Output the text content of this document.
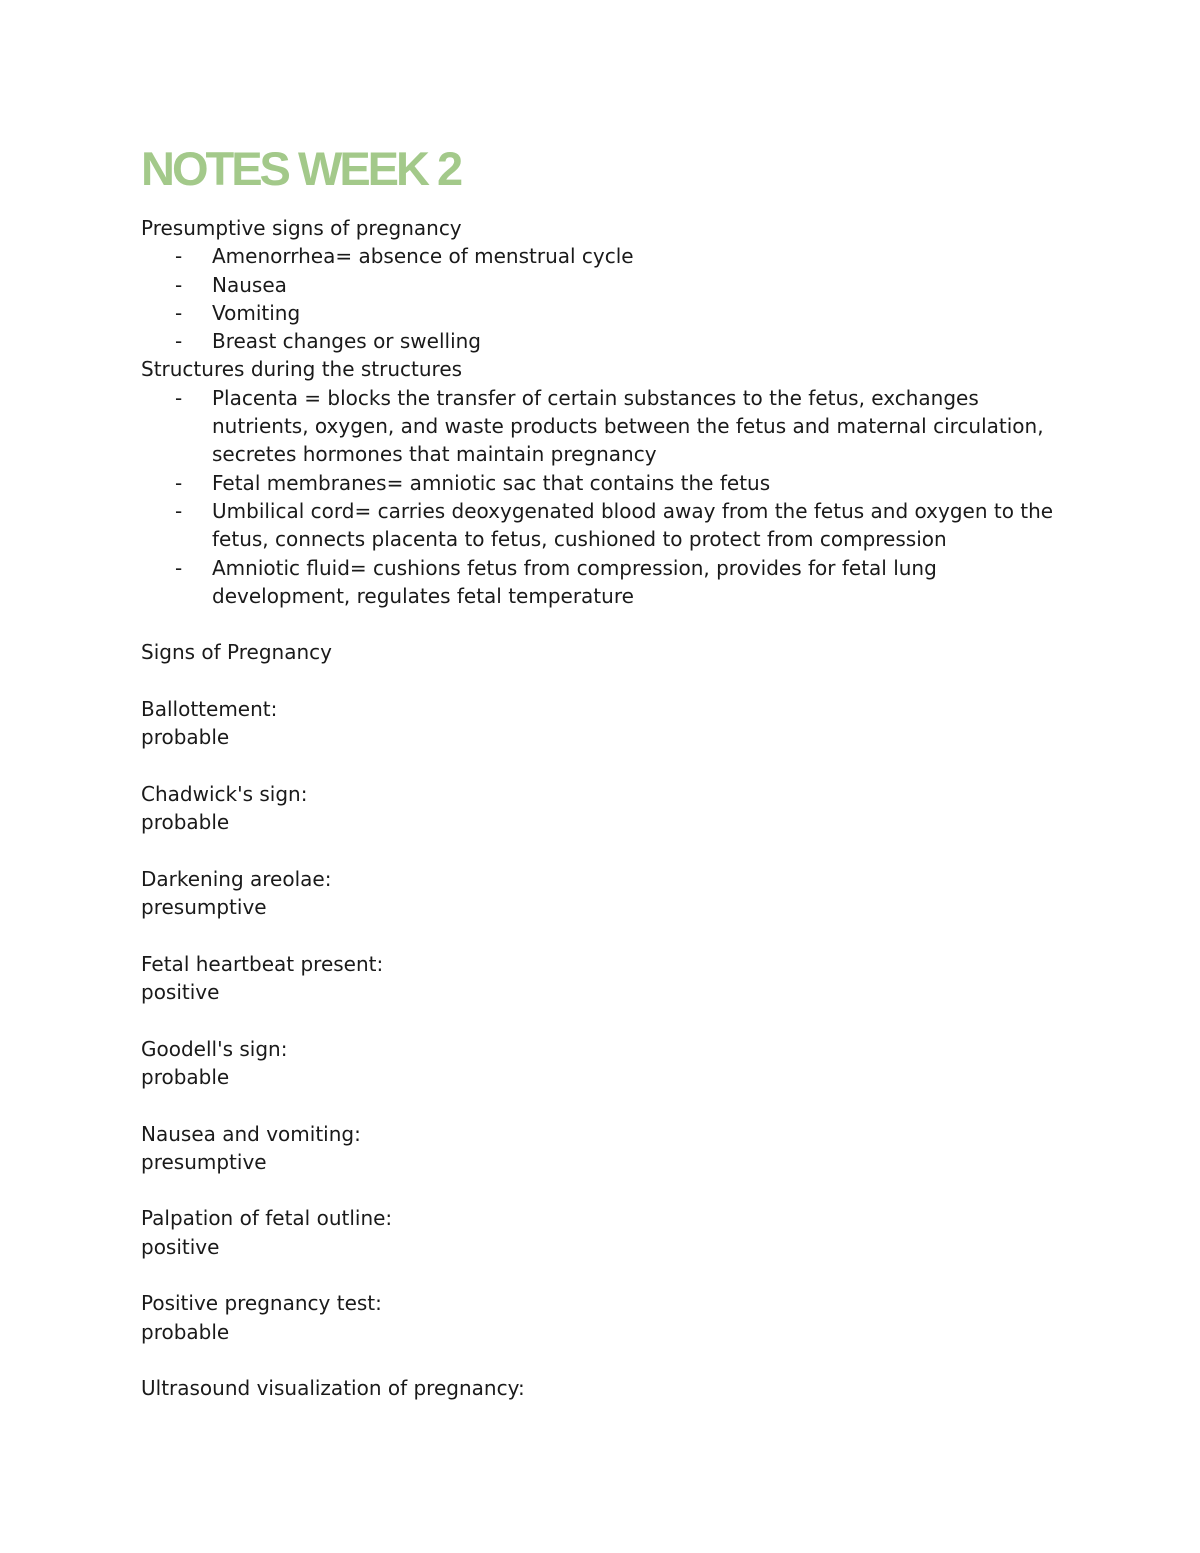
NOTES WEEK 2

Presumptive signs of pregnancy

- Amenorrhea= absence of menstrual cycle
- Nausea
- Vomiting
- Breast changes or swelling

Structures during the structures

- Placenta = blocks the transfer of certain substances to the fetus, exchanges nutrients, oxygen, and waste products between the fetus and maternal circulation, secretes hormones that maintain pregnancy
- Fetal membranes= amniotic sac that contains the fetus
- Umbilical cord= carries deoxygenated blood away from the fetus and oxygen to the fetus, connects placenta to fetus, cushioned to protect from compression
- Amniotic fluid= cushions fetus from compression, provides for fetal lung development, regulates fetal temperature

Signs of Pregnancy

Ballottement:

probable

Chadwick's sign:

probable

Darkening areolae:

presumptive

Fetal heartbeat present:

positive

Goodell's sign:

probable

Nausea and vomiting:

presumptive

Palpation of fetal outline:

positive

Positive pregnancy test:

probable

Ultrasound visualization of pregnancy:
